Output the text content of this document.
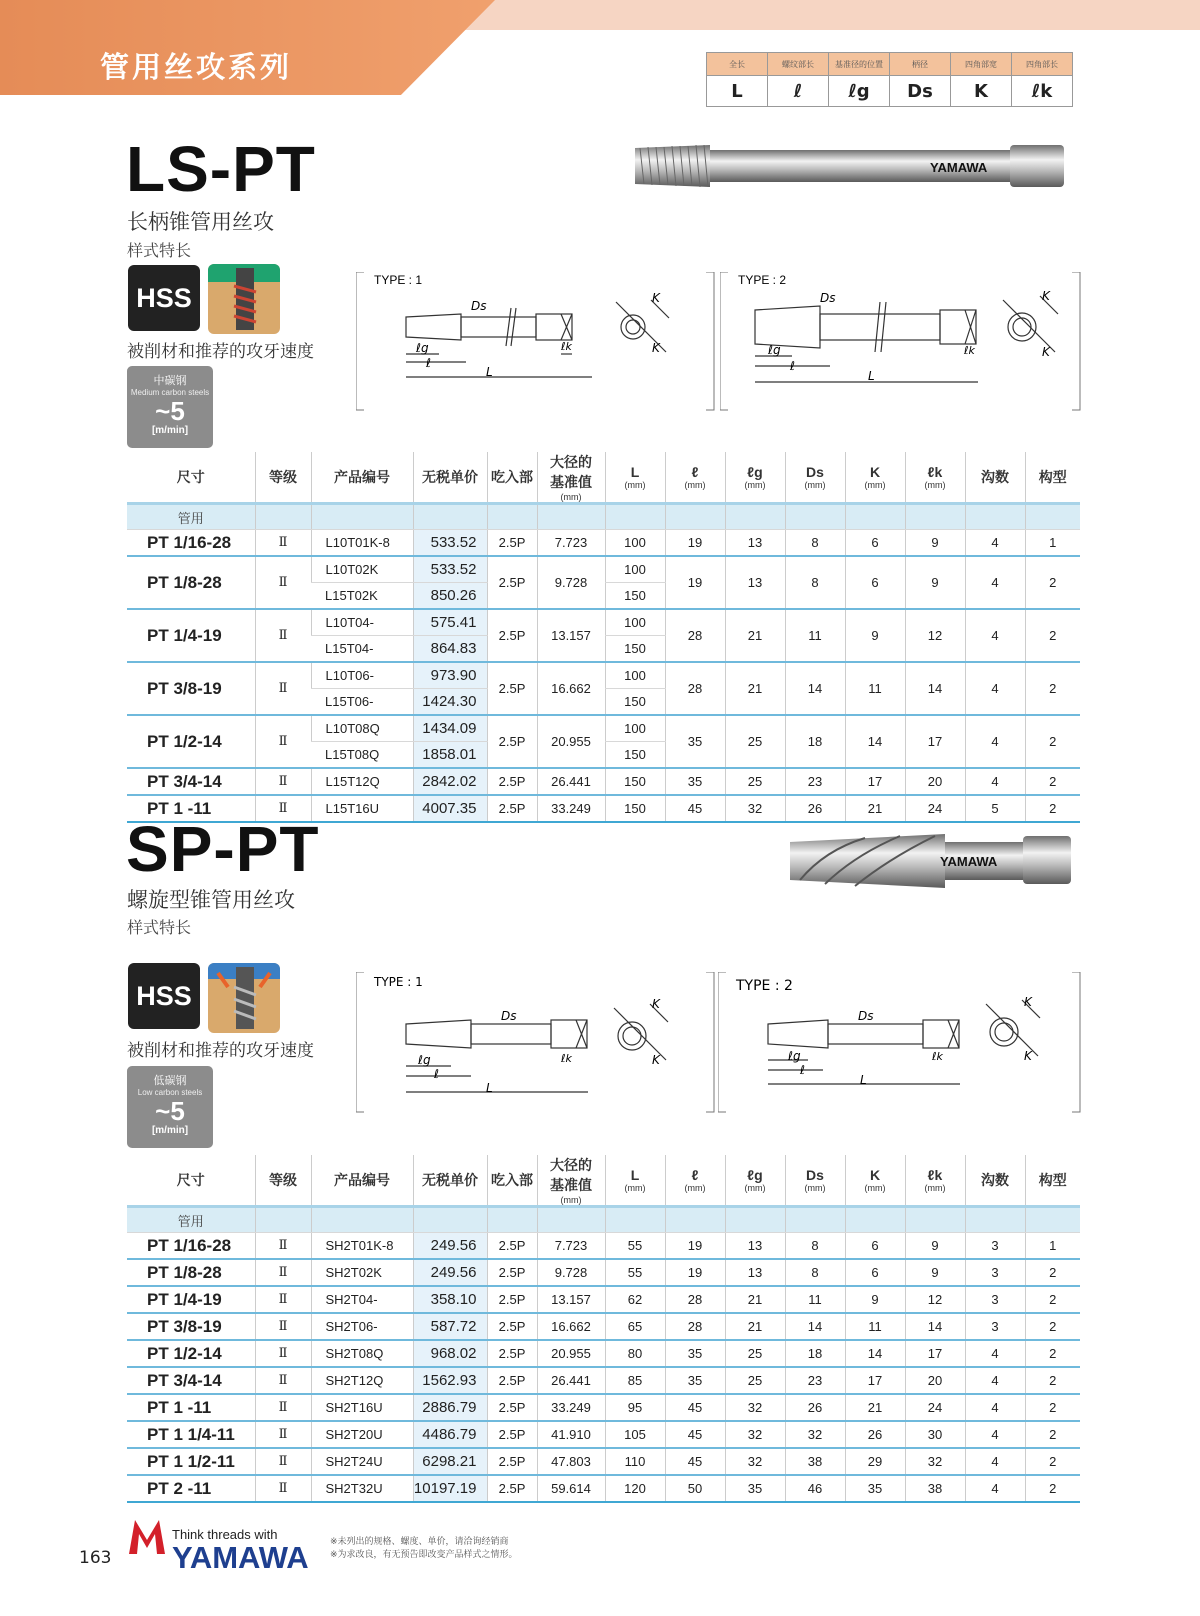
管用丝攻系列	全长	螺纹部长	基准径的位置	柄径	四角部宽	四角部长
L	ℓ	ℓg	Ds	K	ℓk
LS-PT
长柄锥管用丝攻
样式特长
YAMAWA
HSS
被削材和推荐的攻牙速度
中碳钢
Medium carbon steels
~5
[m/min]
TYPE : 1
Ds
ℓg
ℓ
L
ℓk
K
K
TYPE : 2
Ds
ℓg
ℓ
L
ℓk
K
K
尺寸	等级	产品编号	无税单价	吃入部	大径的
基准值
(mm)	L
(mm)	ℓ
(mm)	ℓg
(mm)	Ds
(mm)	K
(mm)	ℓk
(mm)	沟数	构型
管用													
PT 1/16-28	Ⅱ	L10T01K-8	533.52	2.5P	7.723	100	19	13	8	6	9	4	1
PT 1/8-28	Ⅱ	L10T02K	533.52	2.5P	9.728	100	19	13	8	6	9	4	2
		L15T02K	850.26			150							
PT 1/4-19	Ⅱ	L10T04-	575.41	2.5P	13.157	100	28	21	11	9	12	4	2
		L15T04-	864.83			150							
PT 3/8-19	Ⅱ	L10T06-	973.90	2.5P	16.662	100	28	21	14	11	14	4	2
		L15T06-	1424.30			150							
PT 1/2-14	Ⅱ	L10T08Q	1434.09	2.5P	20.955	100	35	25	18	14	17	4	2
		L15T08Q	1858.01			150							
PT 3/4-14	Ⅱ	L15T12Q	2842.02	2.5P	26.441	150	35	25	23	17	20	4	2
PT 1 -11	Ⅱ	L15T16U	4007.35	2.5P	33.249	150	45	32	26	21	24	5	2
SP-PT
螺旋型锥管用丝攻
样式特长
YAMAWA
HSS
被削材和推荐的攻牙速度
低碳钢
Low carbon steels
~5
[m/min]
TYPE : 1
Ds
ℓg
ℓ
L
ℓk
K
K
TYPE : 2
Ds
ℓg
ℓ
L
ℓk
K
K
尺寸	等级	产品编号	无税单价	吃入部	大径的
基准值
(mm)	L
(mm)	ℓ
(mm)	ℓg
(mm)	Ds
(mm)	K
(mm)	ℓk
(mm)	沟数	构型
管用													
PT 1/16-28	Ⅱ	SH2T01K-8	249.56	2.5P	7.723	55	19	13	8	6	9	3	1
PT 1/8-28	Ⅱ	SH2T02K	249.56	2.5P	9.728	55	19	13	8	6	9	3	2
PT 1/4-19	Ⅱ	SH2T04-	358.10	2.5P	13.157	62	28	21	11	9	12	3	2
PT 3/8-19	Ⅱ	SH2T06-	587.72	2.5P	16.662	65	28	21	14	11	14	3	2
PT 1/2-14	Ⅱ	SH2T08Q	968.02	2.5P	20.955	80	35	25	18	14	17	4	2
PT 3/4-14	Ⅱ	SH2T12Q	1562.93	2.5P	26.441	85	35	25	23	17	20	4	2
PT 1 -11	Ⅱ	SH2T16U	2886.79	2.5P	33.249	95	45	32	26	21	24	4	2
PT 1 1/4-11	Ⅱ	SH2T20U	4486.79	2.5P	41.910	105	45	32	32	26	30	4	2
PT 1 1/2-11	Ⅱ	SH2T24U	6298.21	2.5P	47.803	110	45	32	38	29	32	4	2
PT 2 -11	Ⅱ	SH2T32U	10197.19	2.5P	59.614	120	50	35	46	35	38	4	2
163
Think threads with
YAMAWA ※未列出的规格、螺度、单价，请洽询经销商
※为求改良，有无预告即改变产品样式之情形。
